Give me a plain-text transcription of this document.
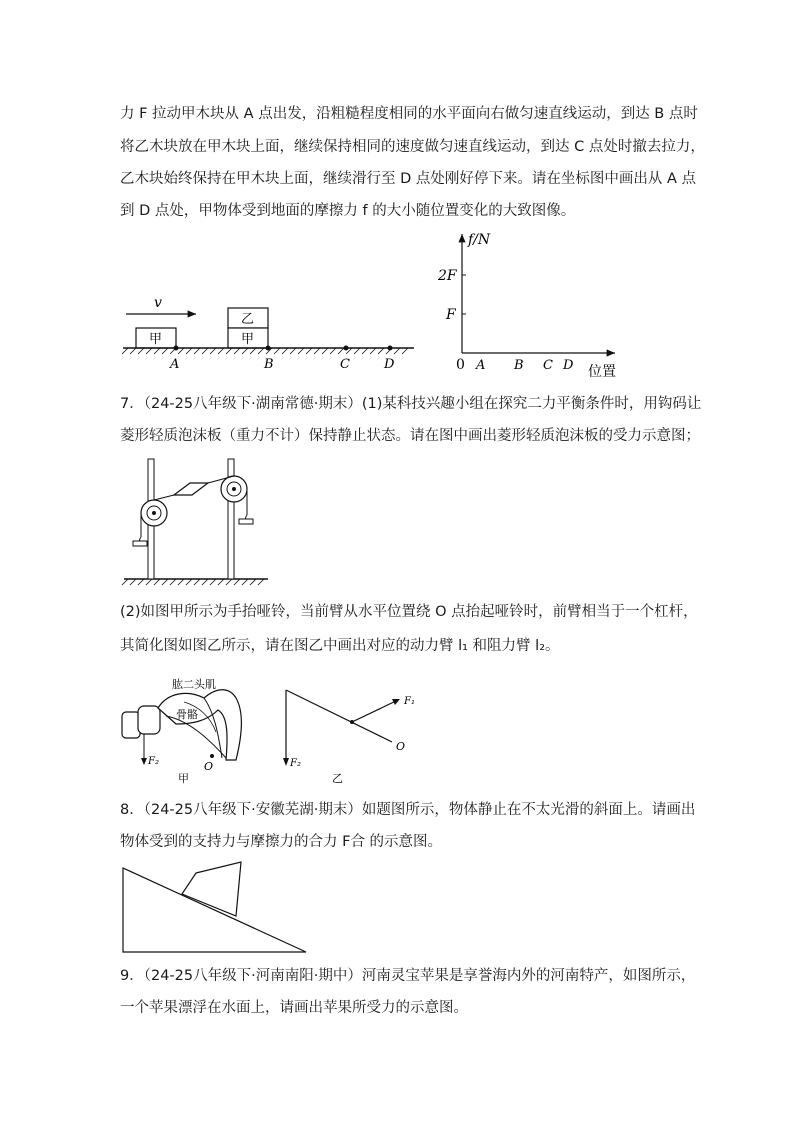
力 F 拉动甲木块从 A 点出发，沿粗糙程度相同的水平面向右做匀速直线运动，到达 B 点时
将乙木块放在甲木块上面，继续保持相同的速度做匀速直线运动，到达 C 点处时撤去拉力，
乙木块始终保持在甲木块上面，继续滑行至 D 点处刚好停下来。请在坐标图中画出从 A 点
到 D 点处，甲物体受到地面的摩擦力 f 的大小随位置变化的大致图像。
v
甲
乙
甲
A	B	C	D
f/N
2F
F
0 A B C D 位置
7．（24-25八年级下·湖南常德·期末）(1)某科技兴趣小组在探究二力平衡条件时，用钩码让
菱形轻质泡沫板（重力不计）保持静止状态。请在图中画出菱形轻质泡沫板的受力示意图；
(2)如图甲所示为手抬哑铃，当前臂从水平位置绕 O 点抬起哑铃时，前臂相当于一个杠杆，
其简化图如图乙所示，请在图乙中画出对应的动力臂 l₁ 和阻力臂 l₂。
肱二头肌
骨骼
F₂	O
甲
F₂
F₁
O
乙
8．（24-25八年级下·安徽芜湖·期末）如题图所示，物体静止在不太光滑的斜面上。请画出
物体受到的支持力与摩擦力的合力 F合 的示意图。
9．（24-25八年级下·河南南阳·期中）河南灵宝苹果是享誉海内外的河南特产，如图所示，
一个苹果漂浮在水面上，请画出苹果所受力的示意图。
